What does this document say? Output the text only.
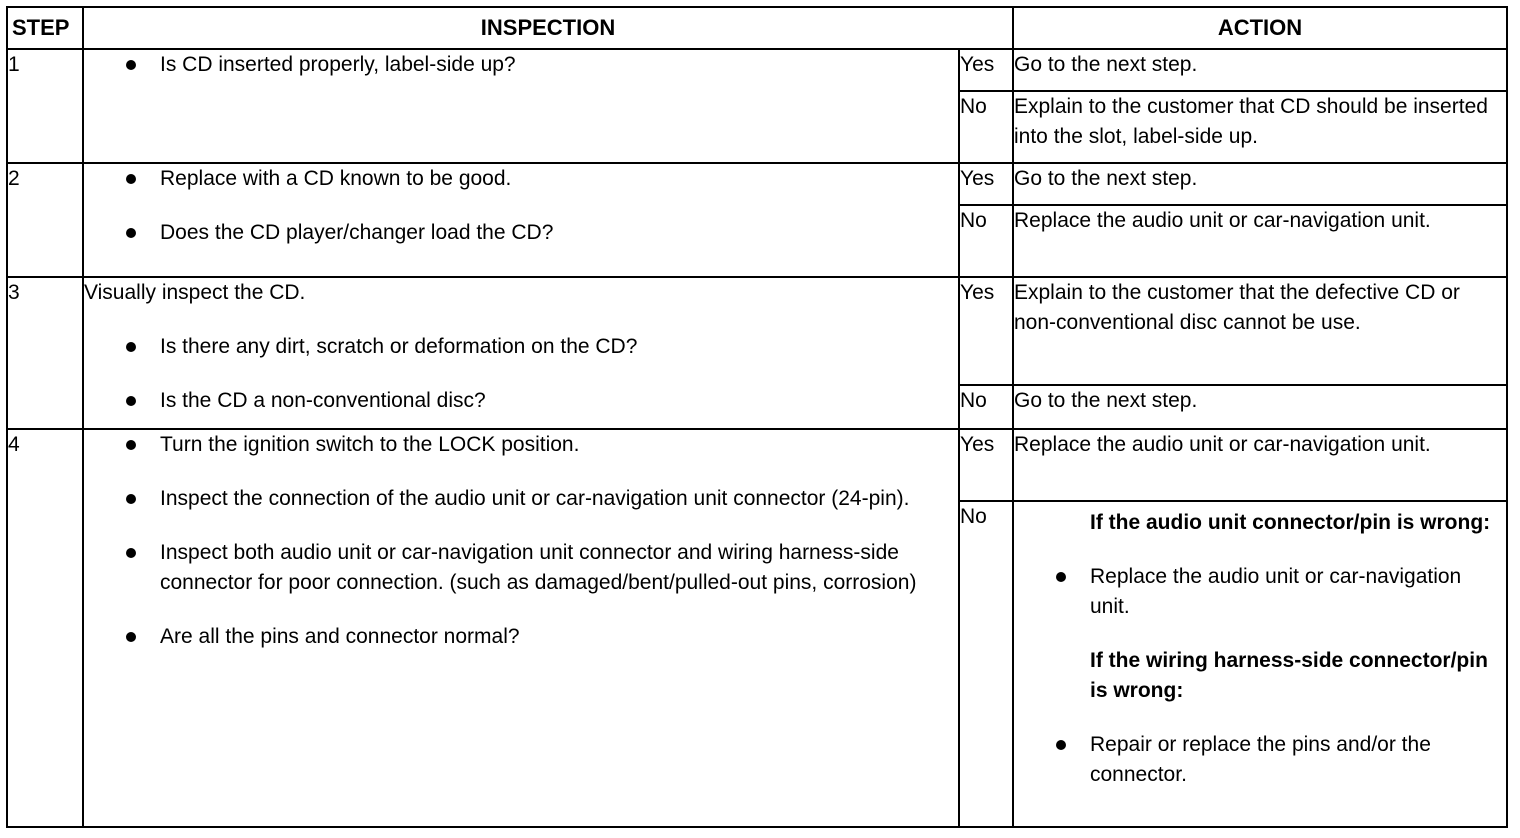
STEP	INSPECTION		ACTION
1	Is CD inserted properly, label-side up?	Yes	Go to the next step.
		No	Explain to the customer that CD should be inserted into the slot, label-side up.
2	Replace with a CD known to be good.
Does the CD player/changer load the CD?	Yes	Go to the next step.
		No	Replace the audio unit or car-navigation unit.
3	Visually inspect the CD.
Is there any dirt, scratch or deformation on the CD?
Is the CD a non-conventional disc?	Yes	Explain to the customer that the defective CD or non-conventional disc cannot be use.
		No	Go to the next step.
4	Turn the ignition switch to the LOCK position.
Inspect the connection of the audio unit or car-navigation unit connector (24-pin).
Inspect both audio unit or car-navigation unit connector and wiring harness-side connector for poor connection. (such as damaged/bent/pulled-out pins, corrosion)
Are all the pins and connector normal?	Yes	Replace the audio unit or car-navigation unit.
		No	If the audio unit connector/pin is wrong:
Replace the audio unit or car-navigation unit.
If the wiring harness-side connector/pin is wrong:
Repair or replace the pins and/or the connector.
